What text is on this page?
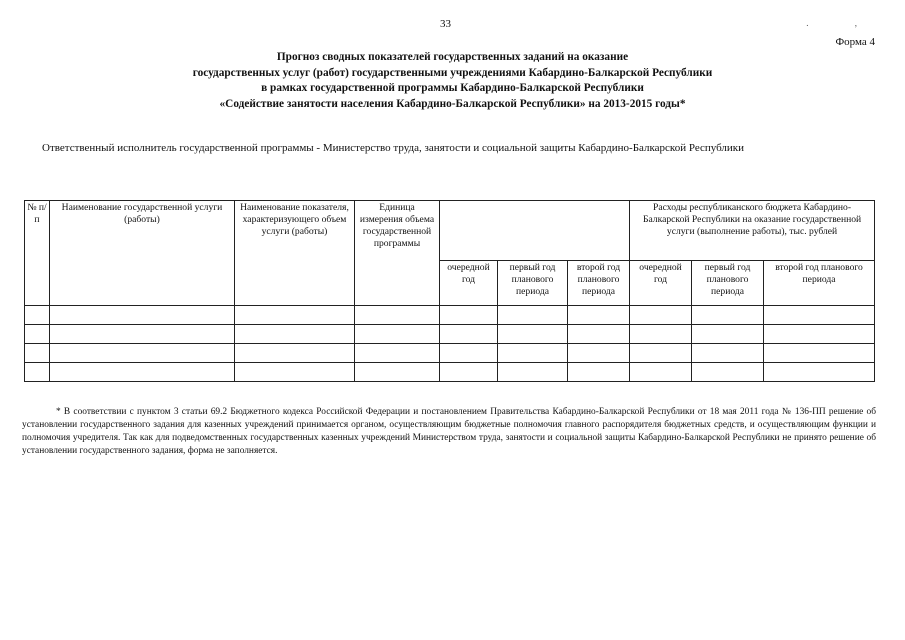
33	. ,
Форма 4
Прогноз сводных показателей государственных заданий на оказание
государственных услуг (работ) государственными учреждениями Кабардино-Балкарской Республики
в рамках государственной программы Кабардино-Балкарской Республики
«Содействие занятости населения Кабардино-Балкарской Республики» на 2013-2015 годы*
Ответственный исполнитель государственной программы - Министерство труда, занятости и социальной защиты Кабардино-Балкарской Республики
№ п/п	Наименование государственной услуги (работы)	Наименование показателя, характеризующего объем услуги (работы)	Единица измерения объема государственной программы				Расходы республиканского бюджета Кабардино-Балкарской Республики на оказание государственной услуги (выполнение работы), тыс. рублей		
				очередной год	первый год планового периода	второй год планового периода	очередной год	первый год планового периода	второй год планового периода

* В соответствии с пунктом 3 статьи 69.2 Бюджетного кодекса Российской Федерации и постановлением Правительства Кабардино-Балкарской Республики от 18 мая 2011 года № 136-ПП решение об установлении государственного задания для казенных учреждений принимается органом, осуществляющим бюджетные полномочия главного распорядителя бюджетных средств, и осуществляющим функции и полномочия учредителя. Так как для подведомственных государственных казенных учреждений Министерством труда, занятости и социальной защиты Кабардино-Балкарской Республики не принято решение об установлении государственного задания, форма не заполняется.
